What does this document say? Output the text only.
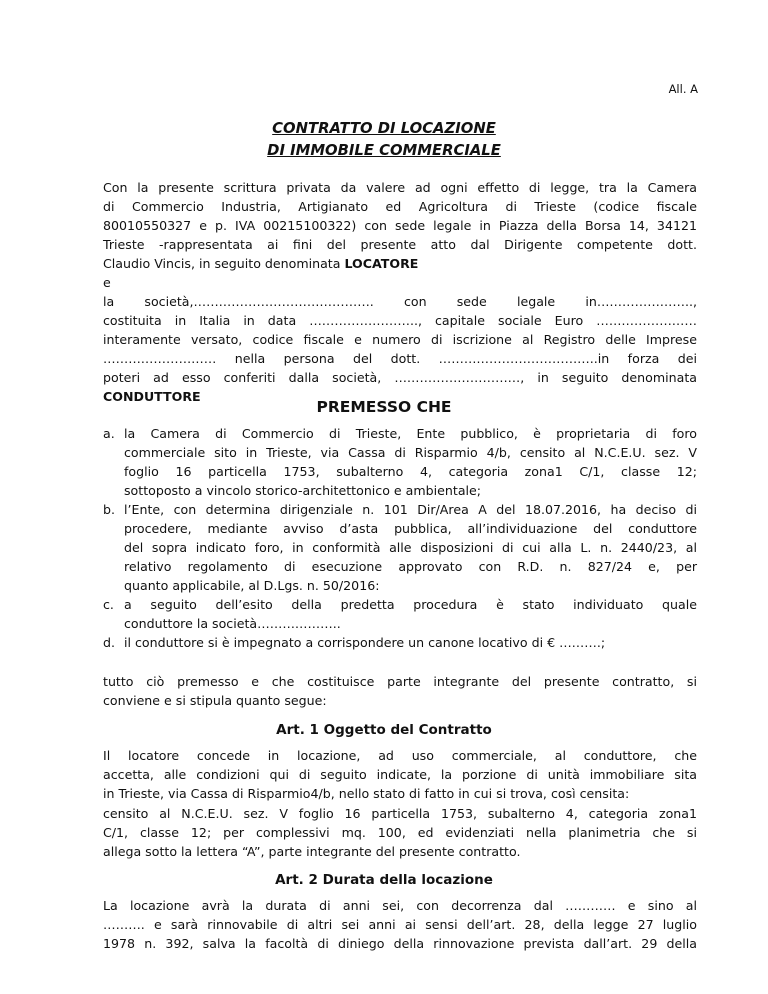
All. A
CONTRATTO DI LOCAZIONE
DI IMMOBILE COMMERCIALE
Con la presente scrittura privata da valere ad ogni effetto di legge, tra la Camera
di Commercio Industria, Artigianato ed Agricoltura di Trieste (codice fiscale
80010550327 e p. IVA 00215100322) con sede legale in Piazza della Borsa 14, 34121
Trieste -rappresentata ai fini del presente atto dal Dirigente competente dott.
Claudio Vincis, in seguito denominata LOCATORE
e
la società,……………………………………. con sede legale in…………………..,
costituita in Italia in data …………………….., capitale sociale Euro ……………………
interamente versato, codice fiscale e numero di iscrizione al Registro delle Imprese
……………………… nella persona del dott. ………………………………..in forza dei
poteri ad esso conferiti dalla società, …………………………, in seguito denominata
CONDUTTORE
PREMESSO CHE
a. la Camera di Commercio di Trieste, Ente pubblico, è proprietaria di foro
commerciale sito in Trieste, via Cassa di Risparmio 4/b, censito al N.C.E.U. sez. V
foglio 16 particella 1753, subalterno 4, categoria zona1 C/1, classe 12;
sottoposto a vincolo storico-architettonico e ambientale;
b. l’Ente, con determina dirigenziale n. 101 Dir/Area A del 18.07.2016, ha deciso di
procedere, mediante avviso d’asta pubblica, all’individuazione del conduttore
del sopra indicato foro, in conformità alle disposizioni di cui alla L. n. 2440/23, al
relativo regolamento di esecuzione approvato con R.D. n. 827/24 e, per
quanto applicabile, al D.Lgs. n. 50/2016:
c. a seguito dell’esito della predetta procedura è stato individuato quale
conduttore la società………………..
d. il conduttore si è impegnato a corrispondere un canone locativo di € ……….;
tutto ciò premesso e che costituisce parte integrante del presente contratto, si
conviene e si stipula quanto segue:
Art. 1 Oggetto del Contratto
Il locatore concede in locazione, ad uso commerciale, al conduttore, che
accetta, alle condizioni qui di seguito indicate, la porzione di unità immobiliare sita
in Trieste, via Cassa di Risparmio4/b, nello stato di fatto in cui si trova, così censita:
censito al N.C.E.U. sez. V foglio 16 particella 1753, subalterno 4, categoria zona1
C/1, classe 12; per complessivi mq. 100, ed evidenziati nella planimetria che si
allega sotto la lettera “A”, parte integrante del presente contratto.
Art. 2 Durata della locazione
La locazione avrà la durata di anni sei, con decorrenza dal ………… e sino al
………. e sarà rinnovabile di altri sei anni ai sensi dell’art. 28, della legge 27 luglio
1978 n. 392, salva la facoltà di diniego della rinnovazione prevista dall’art. 29 della
